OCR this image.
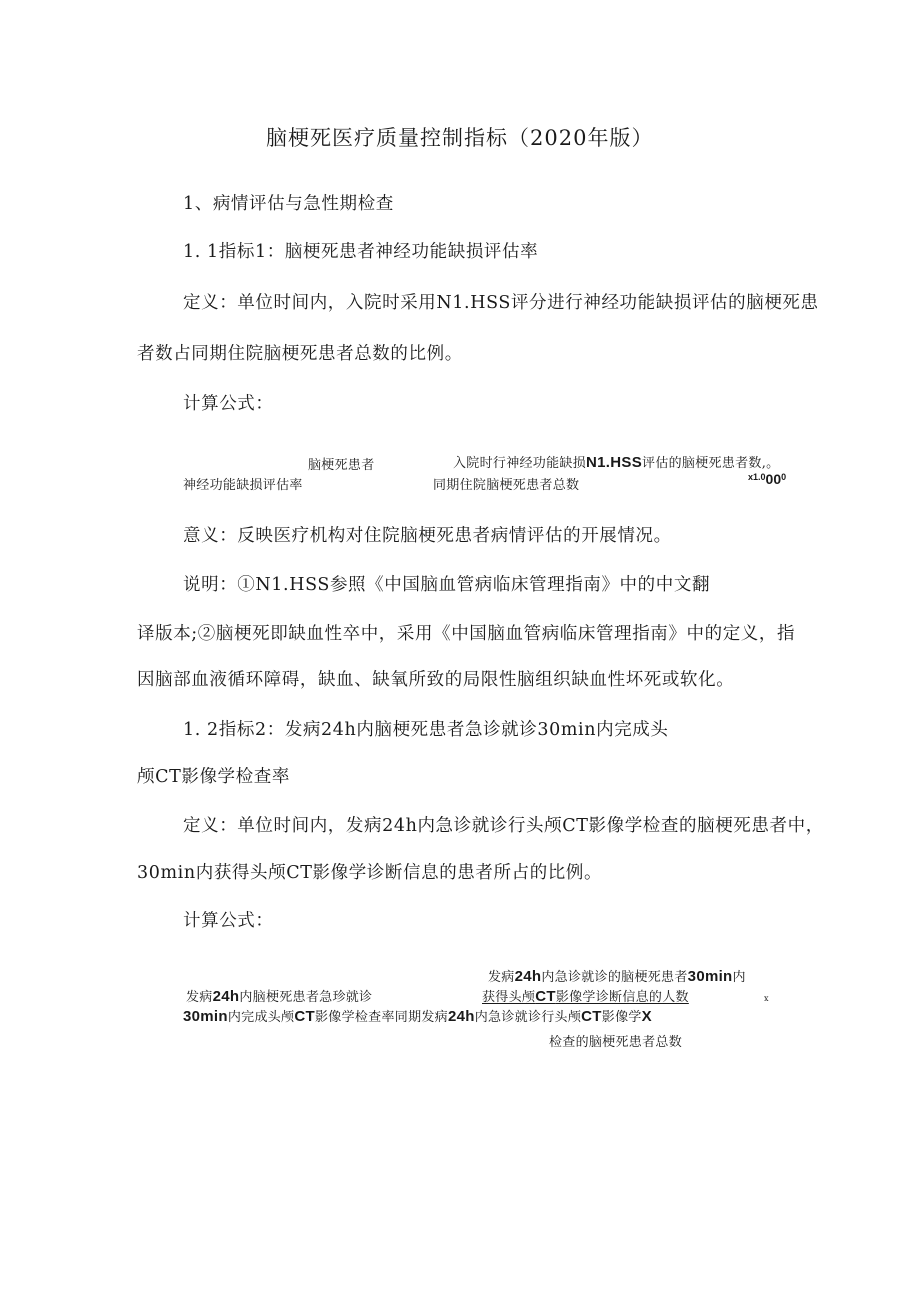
脑梗死医疗质量控制指标（2020年版）
1、病情评估与急性期检查
1. 1指标1：脑梗死患者神经功能缺损评估率
定义：单位时间内，入院时采用N1.HSS评分进行神经功能缺损评估的脑梗死患
者数占同期住院脑梗死患者总数的比例。
计算公式：
脑梗死患者
神经功能缺损评估率
入院时行神经功能缺损N1.HSS评估的脑梗死患者数,。
同期住院脑梗死患者总数
$^{x1.0}00^0$
意义：反映医疗机构对住院脑梗死患者病情评估的开展情况。
说明：①N1.HSS参照《中国脑血管病临床管理指南》中的中文翻
译版本;②脑梗死即缺血性卒中，采用《中国脑血管病临床管理指南》中的定义，指
因脑部血液循环障碍，缺血、缺氧所致的局限性脑组织缺血性坏死或软化。
1. 2指标2：发病24h内脑梗死患者急诊就诊30min内完成头
颅CT影像学检查率
定义：单位时间内，发病24h内急诊就诊行头颅CT影像学检查的脑梗死患者中，
30min内获得头颅CT影像学诊断信息的患者所占的比例。
计算公式：
发病24h内急诊就诊的脑梗死患者30min内
发病24h内脑梗死患者急珍就诊	获得头颅CT影像学诊断信息的人数	x
30min内完成头颅CT影像学检查率同期发病24h内急诊就诊行头颅CT影像学X
检查的脑梗死患者总数
